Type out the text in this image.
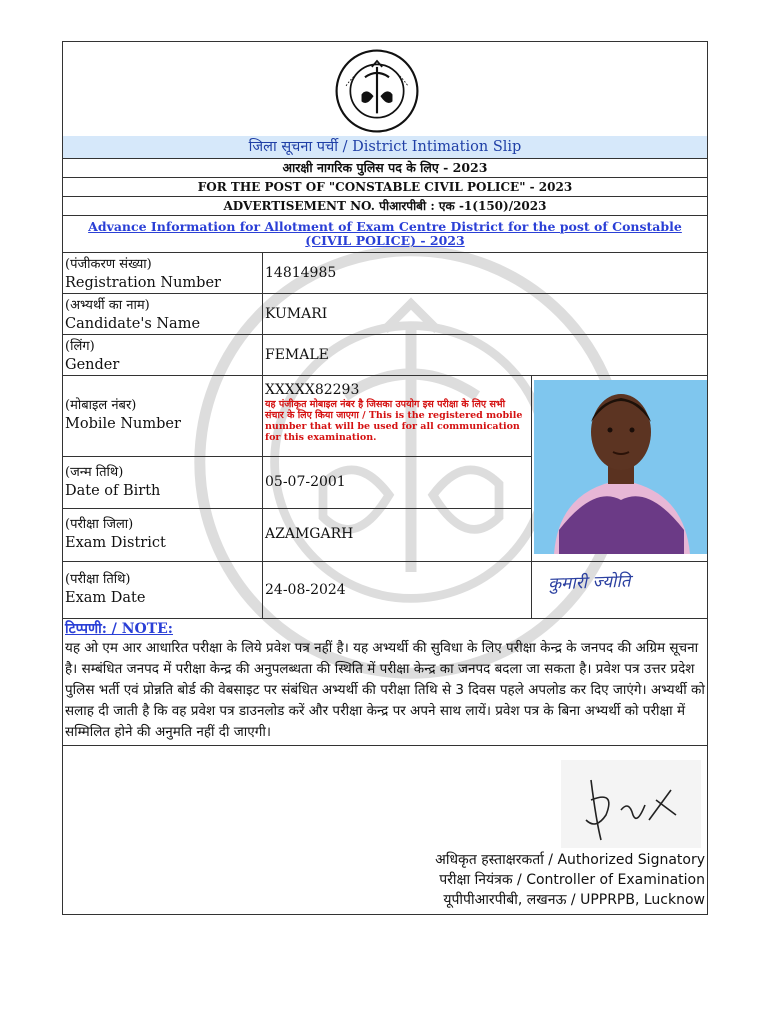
जिला सूचना पर्ची / District Intimation Slip
आरक्षी नागरिक पुलिस पद के लिए - 2023
FOR THE POST OF "CONSTABLE CIVIL POLICE" - 2023
ADVERTISEMENT NO. पीआरपीबी : एक -1(150)/2023
Advance Information for Allotment of Exam Centre District for the post of Constable (CIVIL POLICE) - 2023
(पंजीकरण संख्या)
Registration Number
14814985
(अभ्यर्थी का नाम)
Candidate's Name
KUMARI
(लिंग)
Gender
FEMALE
(मोबाइल नंबर)
Mobile Number
XXXXX82293
यह पंजीकृत मोबाइल नंबर है जिसका उपयोग इस परीक्षा के लिए सभी संचार के लिए किया जाएगा / This is the registered mobile number that will be used for all communication for this examination.
(जन्म तिथि)
Date of Birth
05-07-2001
(परीक्षा जिला)
Exam District
AZAMGARH
(परीक्षा तिथि)
Exam Date	24-08-2024	कुमारी ज्योति
टिप्पणी: / NOTE:
यह ओ एम आर आधारित परीक्षा के लिये प्रवेश पत्र नहीं है। यह अभ्यर्थी की सुविधा के लिए परीक्षा केन्द्र के जनपद की अग्रिम सूचना है। सम्बंधित जनपद में परीक्षा केन्द्र की अनुपलब्धता की स्थिति में परीक्षा केन्द्र का जनपद बदला जा सकता है। प्रवेश पत्र उत्तर प्रदेश पुलिस भर्ती एवं प्रोन्नति बोर्ड की वेबसाइट पर संबंधित अभ्यर्थी की परीक्षा तिथि से 3 दिवस पहले अपलोड कर दिए जाएंगे। अभ्यर्थी को सलाह दी जाती है कि वह प्रवेश पत्र डाउनलोड करें और परीक्षा केन्द्र पर अपने साथ लायें। प्रवेश पत्र के बिना अभ्यर्थी को परीक्षा में सम्मिलित होने की अनुमति नहीं दी जाएगी।
अधिकृत हस्ताक्षरकर्ता / Authorized Signatory
परीक्षा नियंत्रक / Controller of Examination
यूपीपीआरपीबी, लखनऊ / UPPRPB, Lucknow
